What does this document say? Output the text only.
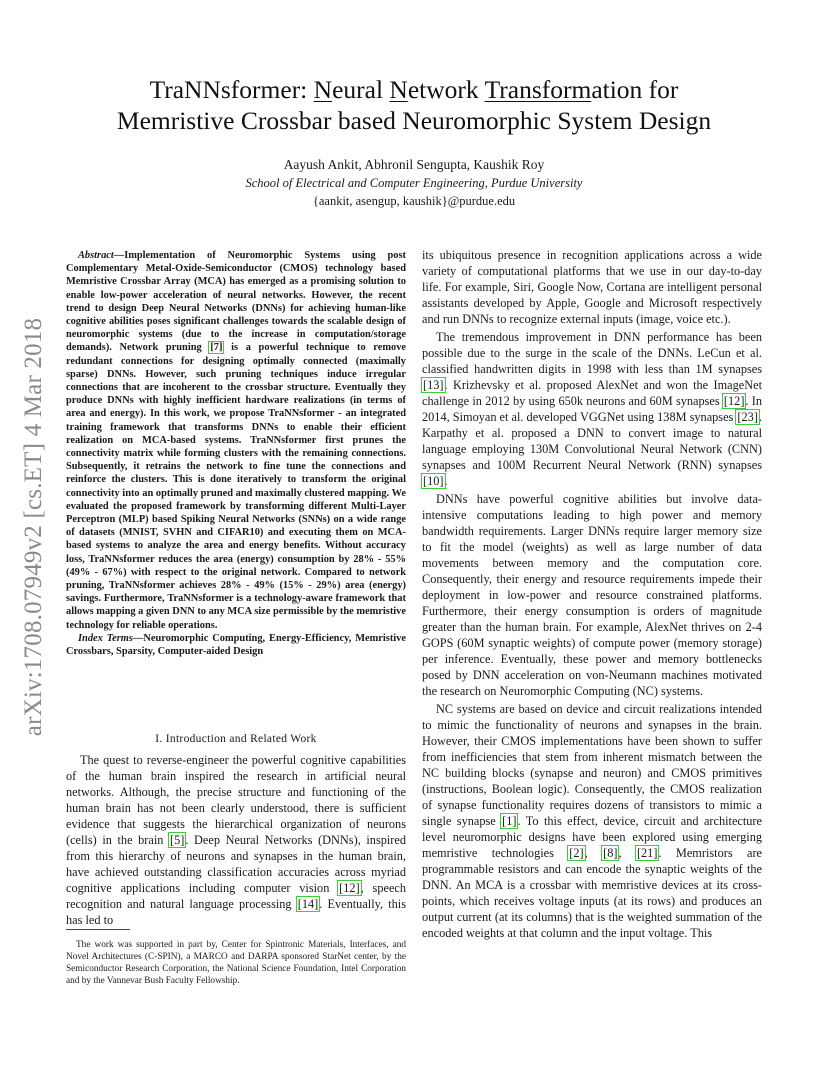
arXiv:1708.07949v2 [cs.ET] 4 Mar 2018
TraNNsformer: Neural Network Transformation for
Memristive Crossbar based Neuromorphic System Design
Aayush Ankit, Abhronil Sengupta, Kaushik Roy
School of Electrical and Computer Engineering, Purdue University
{aankit, asengup, kaushik}@purdue.edu

Abstract—Implementation of Neuromorphic Systems using post Complementary Metal-Oxide-Semiconductor (CMOS) technology based Memristive Crossbar Array (MCA) has emerged as a promising solution to enable low-power acceleration of neural networks. However, the recent trend to design Deep Neural Networks (DNNs) for achieving human-like cognitive abilities poses significant challenges towards the scalable design of neuromorphic systems (due to the increase in computation/storage demands). Network pruning [7] is a powerful technique to remove redundant connections for designing optimally connected (maximally sparse) DNNs. However, such pruning techniques induce irregular connections that are incoherent to the crossbar structure. Eventually they produce DNNs with highly inefficient hardware realizations (in terms of area and energy). In this work, we propose TraNNsformer - an integrated training framework that transforms DNNs to enable their efficient realization on MCA-based systems. TraNNsformer first prunes the connectivity matrix while forming clusters with the remaining connections. Subsequently, it retrains the network to fine tune the connections and reinforce the clusters. This is done iteratively to transform the original connectivity into an optimally pruned and maximally clustered mapping. We evaluated the proposed framework by transforming different Multi-Layer Perceptron (MLP) based Spiking Neural Networks (SNNs) on a wide range of datasets (MNIST, SVHN and CIFAR10) and executing them on MCA-based systems to analyze the area and energy benefits. Without accuracy loss, TraNNsformer reduces the area (energy) consumption by 28% - 55% (49% - 67%) with respect to the original network. Compared to network pruning, TraNNsformer achieves 28% - 49% (15% - 29%) area (energy) savings. Furthermore, TraNNsformer is a technology-aware framework that allows mapping a given DNN to any MCA size permissible by the memristive technology for reliable operations.

Index Terms—Neuromorphic Computing, Energy-Efficiency, Memristive Crossbars, Sparsity, Computer-aided Design

I. Introduction and Related Work

The quest to reverse-engineer the powerful cognitive capabilities of the human brain inspired the research in artificial neural networks. Although, the precise structure and functioning of the human brain has not been clearly understood, there is sufficient evidence that suggests the hierarchical organization of neurons (cells) in the brain [5]. Deep Neural Networks (DNNs), inspired from this hierarchy of neurons and synapses in the human brain, have achieved outstanding classification accuracies across myriad cognitive applications including computer vision [12], speech recognition and natural language processing [14]. Eventually, this has led to

The work was supported in part by, Center for Spintronic Materials, Interfaces, and Novel Architectures (C-SPIN), a MARCO and DARPA sponsored StarNet center, by the Semiconductor Research Corporation, the National Science Foundation, Intel Corporation and by the Vannevar Bush Faculty Fellowship.

its ubiquitous presence in recognition applications across a wide variety of computational platforms that we use in our day-to-day life. For example, Siri, Google Now, Cortana are intelligent personal assistants developed by Apple, Google and Microsoft respectively and run DNNs to recognize external inputs (image, voice etc.).

The tremendous improvement in DNN performance has been possible due to the surge in the scale of the DNNs. LeCun et al. classified handwritten digits in 1998 with less than 1M synapses [13]. Krizhevsky et al. proposed AlexNet and won the ImageNet challenge in 2012 by using 650k neurons and 60M synapses [12]. In 2014, Simoyan et al. developed VGGNet using 138M synapses [23]. Karpathy et al. proposed a DNN to convert image to natural language employing 130M Convolutional Neural Network (CNN) synapses and 100M Recurrent Neural Network (RNN) synapses [10].

DNNs have powerful cognitive abilities but involve data-intensive computations leading to high power and memory bandwidth requirements. Larger DNNs require larger memory size to fit the model (weights) as well as large number of data movements between memory and the computation core. Consequently, their energy and resource requirements impede their deployment in low-power and resource constrained platforms. Furthermore, their energy consumption is orders of magnitude greater than the human brain. For example, AlexNet thrives on 2-4 GOPS (60M synaptic weights) of compute power (memory storage) per inference. Eventually, these power and memory bottlenecks posed by DNN acceleration on von-Neumann machines motivated the research on Neuromorphic Computing (NC) systems.

NC systems are based on device and circuit realizations intended to mimic the functionality of neurons and synapses in the brain. However, their CMOS implementations have been shown to suffer from inefficiencies that stem from inherent mismatch between the NC building blocks (synapse and neuron) and CMOS primitives (instructions, Boolean logic). Consequently, the CMOS realization of synapse functionality requires dozens of transistors to mimic a single synapse [1]. To this effect, device, circuit and architecture level neuromorphic designs have been explored using emerging memristive technologies [2], [8], [21]. Memristors are programmable resistors and can encode the synaptic weights of the DNN. An MCA is a crossbar with memristive devices at its cross-points, which receives voltage inputs (at its rows) and produces an output current (at its columns) that is the weighted summation of the encoded weights at that column and the input voltage. This
